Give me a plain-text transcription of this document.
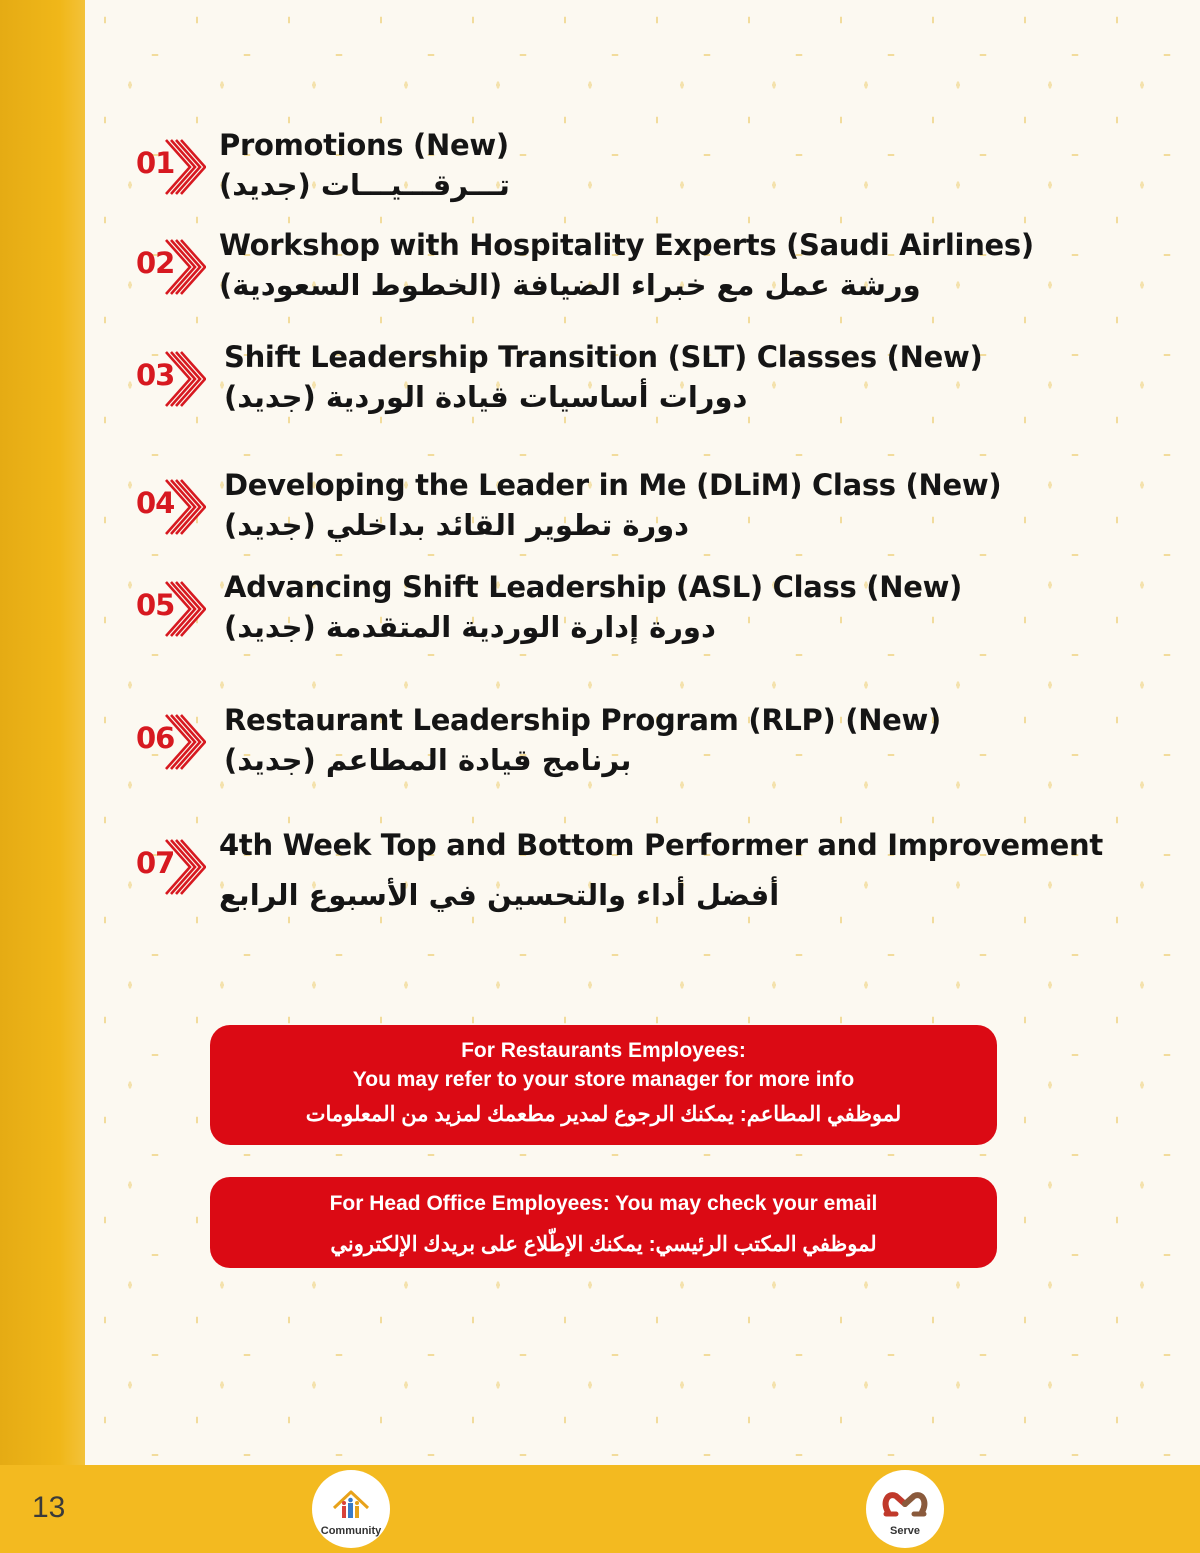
01
Promotions (New)
تـــرقـــيـــات (جديد)
02
Workshop with Hospitality Experts (Saudi Airlines)
ورشة عمل مع خبراء الضيافة (الخطوط السعودية)
03
Shift Leadership Transition (SLT) Classes (New)
دورات أساسيات قيادة الوردية (جديد)
04
Developing the Leader in Me (DLiM) Class (New)
دورة تطوير القائد بداخلي (جديد)
05
Advancing Shift Leadership (ASL) Class (New)
دورة إدارة الوردية المتقدمة (جديد)
06
Restaurant Leadership Program (RLP) (New)
برنامج قيادة المطاعم (جديد)
07
4th Week Top and Bottom Performer and Improvement
أفضل أداء والتحسين في الأسبوع الرابع
For Restaurants Employees:
You may refer to your store manager for more info
لموظفي المطاعم: يمكنك الرجوع لمدير مطعمك لمزيد من المعلومات
For Head Office Employees: You may check your email
لموظفي المكتب الرئيسي: يمكنك الإطّلاع على بريدك الإلكتروني
13
Community	Serve
